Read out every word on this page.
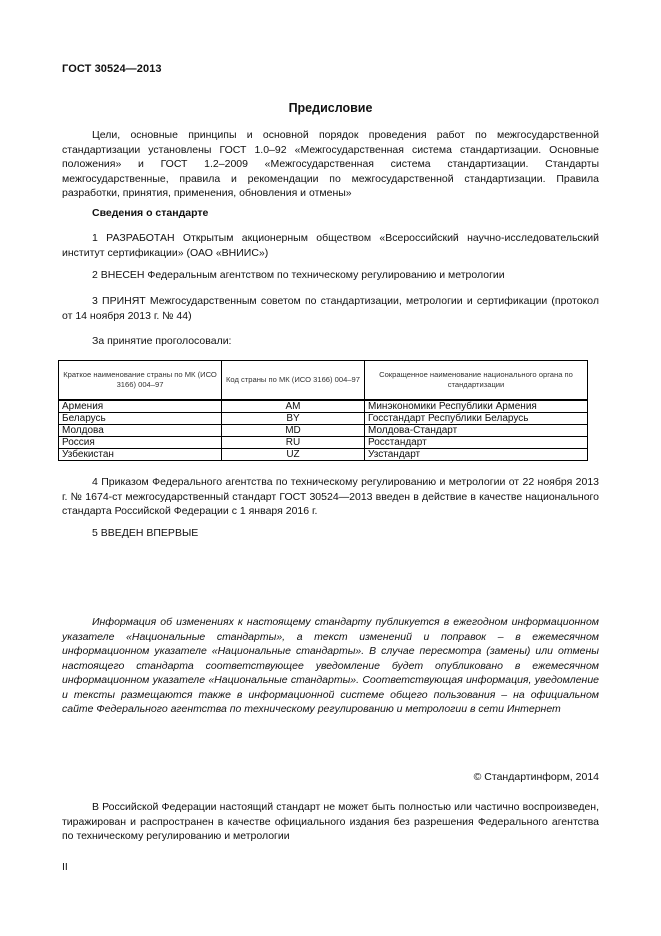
ГОСТ 30524—2013
Предисловие

Цели, основные принципы и основной порядок проведения работ по межгосударственной стандартизации установлены ГОСТ 1.0–92 «Межгосударственная система стандартизации. Основные положения» и ГОСТ 1.2–2009 «Межгосударственная система стандартизации. Стандарты межгосударственные, правила и рекомендации по межгосударственной стандартизации. Правила разработки, принятия, применения, обновления и отмены»

Сведения о стандарте

1 РАЗРАБОТАН Открытым акционерным обществом «Всероссийский научно-исследовательский институт сертификации» (ОАО «ВНИИС»)

2 ВНЕСЕН Федеральным агентством по техническому регулированию и метрологии

3 ПРИНЯТ Межгосударственным советом по стандартизации, метрологии и сертификации (протокол от 14 ноября 2013 г. № 44)

За принятие проголосовали:
Краткое наименование страны по МК (ИСО 3166) 004–97	Код страны по МК (ИСО 3166) 004–97	Сокращенное наименование национального органа по стандартизации
Армения	AM	Минэкономики Республики Армения
Беларусь	BY	Госстандарт Республики Беларусь
Молдова	MD	Молдова-Стандарт
Россия	RU	Росстандарт
Узбекистан	UZ	Узстандарт

4 Приказом Федерального агентства по техническому регулированию и метрологии от 22 ноября 2013 г. № 1674-ст межгосударственный стандарт ГОСТ 30524—2013 введен в действие в качестве национального стандарта Российской Федерации с 1 января 2016 г.

5 ВВЕДЕН ВПЕРВЫЕ

Информация об изменениях к настоящему стандарту публикуется в ежегодном информационном указателе «Национальные стандарты», а текст изменений и поправок – в ежемесячном информационном указателе «Национальные стандарты». В случае пересмотра (замены) или отмены настоящего стандарта соответствующее уведомление будет опубликовано в ежемесячном информационном указателе «Национальные стандарты». Соответствующая информация, уведомление и тексты размещаются также в информационной системе общего пользования – на официальном сайте Федерального агентства по техническому регулированию и метрологии в сети Интернет

© Стандартинформ, 2014

В Российской Федерации настоящий стандарт не может быть полностью или частично воспроизведен, тиражирован и распространен в качестве официального издания без разрешения Федерального агентства по техническому регулированию и метрологии

II
